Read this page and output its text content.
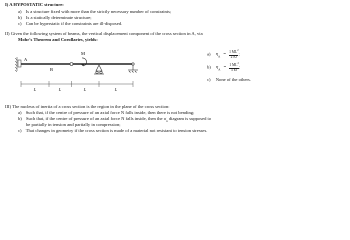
I) A HYPOSTATIC structure:
a) Is a structure fixed with more than the strictly necessary number of constraints;
b) Is a statically determinate structure;
c) Can be hyperstatic if the constraints are ill-disposed.
II) Given the following system of beams, the vertical displacement component of the cross section in A, via
Mohr's Theorem and Corollaries, yields:
M
A
B
L	L	L	L
a) $\eta_A = \frac{1 ML^2}{2 EJ}$ ;
b) $\eta_A = \frac{1 ML^2}{3 EJ}$ ;
c) None of the others.
III) The nucleus of inertia of a cross section is the region in the plane of the cross section:
a) Such that, if the centre of pressure of an axial force N falls inside, then there is not bending;
b) Such that, if the centre of pressure of an axial force N falls inside, then the $\sigma_n$ diagram is supposed to
be partially in tension and partially in compression;
c) That changes in geometry if the cross section is made of a material not resistant to tension stresses.
